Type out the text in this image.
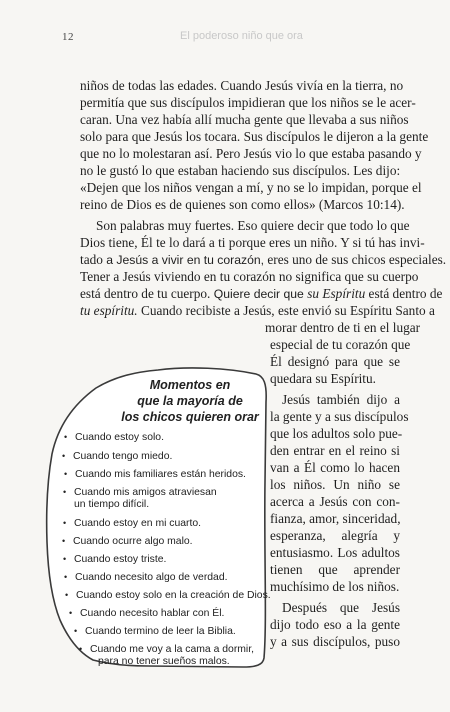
12	El poderoso niño que ora
niños de todas las edades. Cuando Jesús vivía en la tierra, no
permitía que sus discípulos impidieran que los niños se le acer-
caran. Una vez había allí mucha gente que llevaba a sus niños
solo para que Jesús los tocara. Sus discípulos le dijeron a la gente
que no lo molestaran así. Pero Jesús vio lo que estaba pasando y
no le gustó lo que estaban haciendo sus discípulos. Les dijo:
«Dejen que los niños vengan a mí, y no se lo impidan, porque el
reino de Dios es de quienes son como ellos» (Marcos 10:14).
Son palabras muy fuertes. Eso quiere decir que todo lo que
Dios tiene, Él te lo dará a ti porque eres un niño. Y si tú has invi-
tado a Jesús a vivir en tu corazón, eres uno de sus chicos especiales.
Tener a Jesús viviendo en tu corazón no significa que su cuerpo
está dentro de tu cuerpo. Quiere decir que su Espíritu está dentro de
tu espíritu. Cuando recibiste a Jesús, este envió su Espíritu Santo a
morar dentro de ti en el lugar
especial de tu corazón que
Él designó para que se
quedara su Espíritu.
Jesús también dijo a
la gente y a sus discípulos
que los adultos solo pue-
den entrar en el reino si
van a Él como lo hacen
los niños. Un niño se
acerca a Jesús con con-
fianza, amor, sinceridad,
esperanza, alegría y
entusiasmo. Los adultos
tienen que aprender
muchísimo de los niños.
Después que Jesús
dijo todo eso a la gente
y a sus discípulos, puso
Momentos en
que la mayoría de
los chicos quieren orar
• Cuando estoy solo.
• Cuando tengo miedo.
• Cuando mis familiares están heridos.
• Cuando mis amigos atraviesan
un tiempo difícil.
• Cuando estoy en mi cuarto.
• Cuando ocurre algo malo.
• Cuando estoy triste.
• Cuando necesito algo de verdad.
• Cuando estoy solo en la creación de Dios.
• Cuando necesito hablar con Él.
• Cuando termino de leer la Biblia.
• Cuando me voy a la cama a dormir,
para no tener sueños malos.
